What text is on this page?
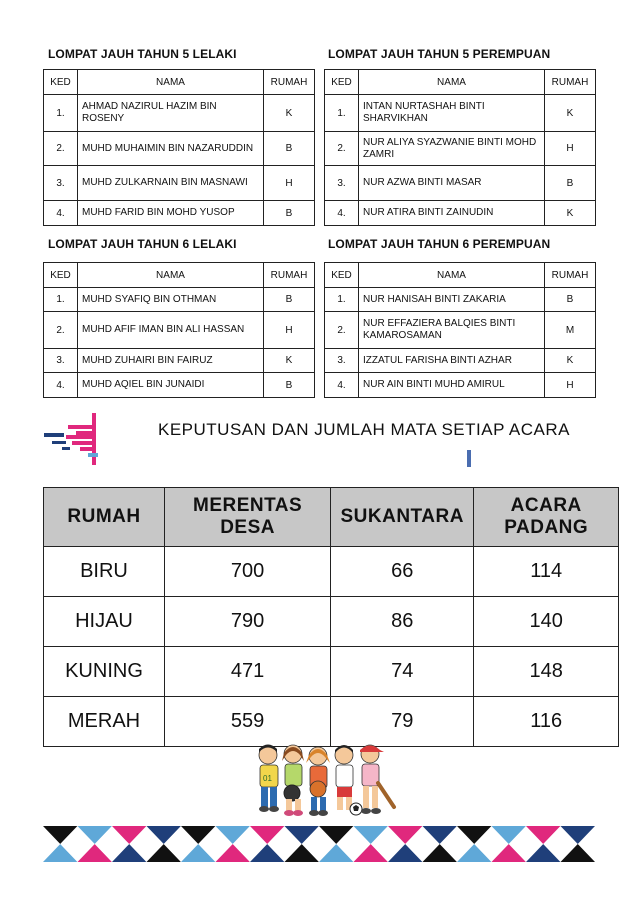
LOMPAT JAUH TAHUN 5 LELAKI
KED	NAMA	RUMAH
1.	AHMAD NAZIRUL HAZIM BIN ROSENY	K
2.	MUHD MUHAIMIN BIN NAZARUDDIN	B
3.	MUHD ZULKARNAIN BIN MASNAWI	H
4.	MUHD FARID BIN MOHD YUSOP	B
LOMPAT JAUH TAHUN 5 PEREMPUAN
KED	NAMA	RUMAH
1.	INTAN NURTASHAH BINTI SHARVIKHAN	K
2.	NUR ALIYA SYAZWANIE BINTI MOHD ZAMRI	H
3.	NUR AZWA BINTI MASAR	B
4.	NUR ATIRA BINTI ZAINUDIN	K
LOMPAT JAUH TAHUN 6 LELAKI
KED	NAMA	RUMAH
1.	MUHD SYAFIQ BIN OTHMAN	B
2.	MUHD AFIF IMAN BIN ALI HASSAN	H
3.	MUHD ZUHAIRI BIN FAIRUZ	K
4.	MUHD AQIEL BIN JUNAIDI	B
LOMPAT JAUH TAHUN 6 PEREMPUAN
KED	NAMA	RUMAH
1.	NUR HANISAH BINTI ZAKARIA	B
2.	NUR EFFAZIERA BALQIES BINTI KAMAROSAMAN	M
3.	IZZATUL FARISHA BINTI AZHAR	K
4.	NUR AIN BINTI MUHD AMIRUL	H
KEPUTUSAN DAN JUMLAH MATA SETIAP ACARA
RUMAH	MERENTAS DESA	SUKANTARA	ACARA PADANG
BIRU	700	66	114
HIJAU	790	86	140
KUNING	471	74	148
MERAH	559	79	116
01
